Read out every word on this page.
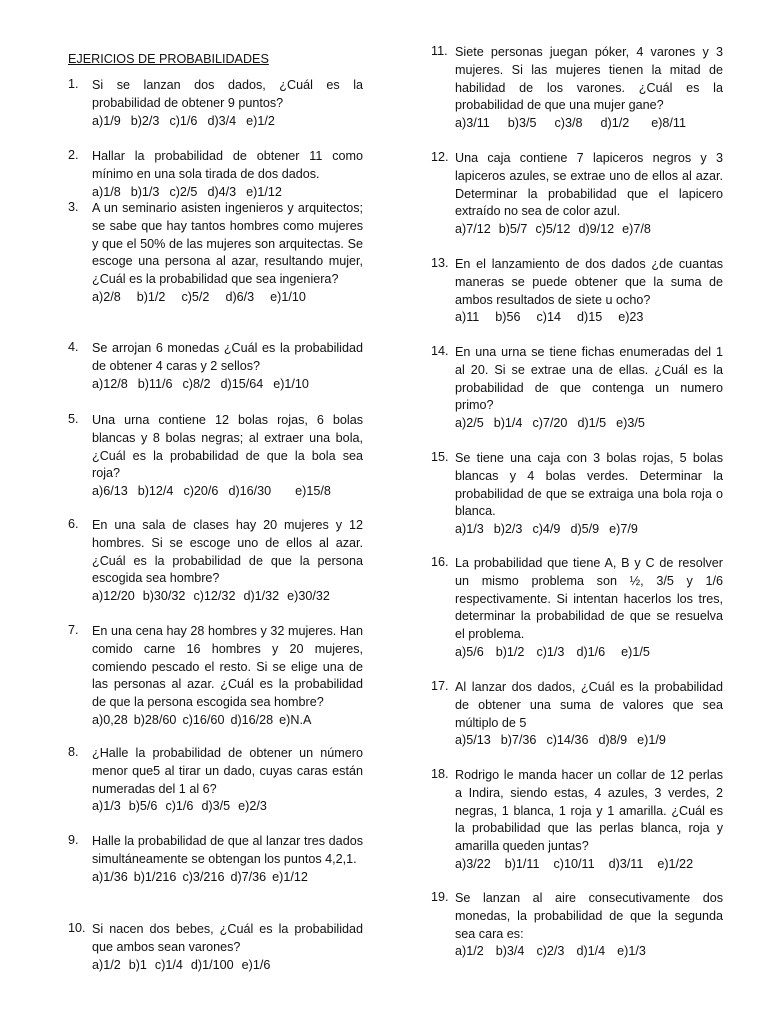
EJERICIOS DE PROBABILIDADES
1. Si se lanzan dos dados, ¿Cuál es la probabilidad de obtener 9 puntos?
a)1/9 b)2/3 c)1/6 d)3/4 e)1/2
2. Hallar la probabilidad de obtener 11 como mínimo en una sola tirada de dos dados.
a)1/8 b)1/3 c)2/5 d)4/3 e)1/12
3. A un seminario asisten ingenieros y arquitectos; se sabe que hay tantos hombres como mujeres y que el 50% de las mujeres son arquitectas. Se escoge una persona al azar, resultando mujer, ¿Cuál es la probabilidad que sea ingeniera?
a)2/8 b)1/2 c)5/2 d)6/3 e)1/10
4. Se arrojan 6 monedas ¿Cuál es la probabilidad de obtener 4 caras y 2 sellos?
a)12/8 b)11/6 c)8/2 d)15/64 e)1/10
5. Una urna contiene 12 bolas rojas, 6 bolas blancas y 8 bolas negras; al extraer una bola, ¿Cuál es la probabilidad de que la bola sea roja?
a)6/13 b)12/4 c)20/6 d)16/30 e)15/8
6. En una sala de clases hay 20 mujeres y 12 hombres. Si se escoge uno de ellos al azar. ¿Cuál es la probabilidad de que la persona escogida sea hombre?
a)12/20 b)30/32 c)12/32 d)1/32 e)30/32
7. En una cena hay 28 hombres y 32 mujeres. Han comido carne 16 hombres y 20 mujeres, comiendo pescado el resto. Si se elige una de las personas al azar. ¿Cuál es la probabilidad de que la persona escogida sea hombre?
a)0,28 b)28/60 c)16/60 d)16/28 e)N.A
8. ¿Halle la probabilidad de obtener un número menor que5 al tirar un dado, cuyas caras están numeradas del 1 al 6?
a)1/3 b)5/6 c)1/6 d)3/5 e)2/3
9. Halle la probabilidad de que al lanzar tres dados simultáneamente se obtengan los puntos 4,2,1.
a)1/36 b)1/216 c)3/216 d)7/36 e)1/12
10. Si nacen dos bebes, ¿Cuál es la probabilidad que ambos sean varones?
a)1/2 b)1 c)1/4 d)1/100 e)1/6
11. Siete personas juegan póker, 4 varones y 3 mujeres. Si las mujeres tienen la mitad de habilidad de los varones. ¿Cuál es la probabilidad de que una mujer gane?
a)3/11 b)3/5 c)3/8 d)1/2 e)8/11
12. Una caja contiene 7 lapiceros negros y 3 lapiceros azules, se extrae uno de ellos al azar. Determinar la probabilidad que el lapicero extraído no sea de color azul.
a)7/12 b)5/7 c)5/12 d)9/12 e)7/8
13. En el lanzamiento de dos dados ¿de cuantas maneras se puede obtener que la suma de ambos resultados de siete u ocho?
a)11 b)56 c)14 d)15 e)23
14. En una urna se tiene fichas enumeradas del 1 al 20. Si se extrae una de ellas. ¿Cuál es la probabilidad de que contenga un numero primo?
a)2/5 b)1/4 c)7/20 d)1/5 e)3/5
15. Se tiene una caja con 3 bolas rojas, 5 bolas blancas y 4 bolas verdes. Determinar la probabilidad de que se extraiga una bola roja o blanca.
a)1/3 b)2/3 c)4/9 d)5/9 e)7/9
16. La probabilidad que tiene A, B y C de resolver un mismo problema son ½, 3/5 y 1/6 respectivamente. Si intentan hacerlos los tres, determinar la probabilidad de que se resuelva el problema.
a)5/6 b)1/2 c)1/3 d)1/6 e)1/5
17. Al lanzar dos dados, ¿Cuál es la probabilidad de obtener una suma de valores que sea múltiplo de 5
a)5/13 b)7/36 c)14/36 d)8/9 e)1/9
18. Rodrigo le manda hacer un collar de 12 perlas a Indira, siendo estas, 4 azules, 3 verdes, 2 negras, 1 blanca, 1 roja y 1 amarilla. ¿Cuál es la probabilidad que las perlas blanca, roja y amarilla queden juntas?
a)3/22 b)1/11 c)10/11 d)3/11 e)1/22
19. Se lanzan al aire consecutivamente dos monedas, la probabilidad de que la segunda sea cara es:
a)1/2 b)3/4 c)2/3 d)1/4 e)1/3
